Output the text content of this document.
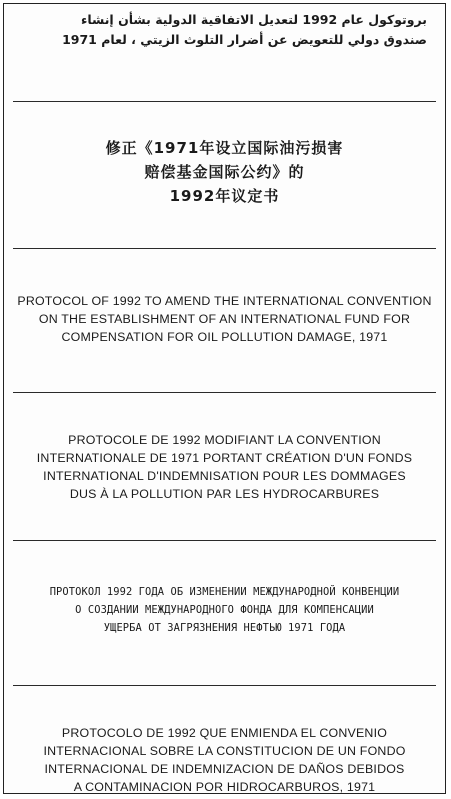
بروتوكول عام 1992 لتعديل الاتفاقية الدولية بشأن إنشاء
صندوق دولي للتعويض عن أضرار التلوث الزيتي ، لعام 1971
修正《1971年设立国际油污损害
赔偿基金国际公约》的
1992年议定书
PROTOCOL OF 1992 TO AMEND THE INTERNATIONAL CONVENTION
ON THE ESTABLISHMENT OF AN INTERNATIONAL FUND FOR
COMPENSATION FOR OIL POLLUTION DAMAGE, 1971
PROTOCOLE DE 1992 MODIFIANT LA CONVENTION
INTERNATIONALE DE 1971 PORTANT CRÉATION D'UN FONDS
INTERNATIONAL D'INDEMNISATION POUR LES DOMMAGES
DUS À LA POLLUTION PAR LES HYDROCARBURES
ПРОТОКОЛ 1992 ГОДА ОБ ИЗМЕНЕНИИ МЕЖДУНАРОДНОЙ КОНВЕНЦИИ
О СОЗДАНИИ МЕЖДУНАРОДНОГО ФОНДА ДЛЯ КОМПЕНСАЦИИ
УЩЕРБА ОТ ЗАГРЯЗНЕНИЯ НЕФТЬЮ 1971 ГОДА
PROTOCOLO DE 1992 QUE ENMIENDA EL CONVENIO
INTERNACIONAL SOBRE LA CONSTITUCION DE UN FONDO
INTERNACIONAL DE INDEMNIZACION DE DAÑOS DEBIDOS
A CONTAMINACION POR HIDROCARBUROS, 1971
